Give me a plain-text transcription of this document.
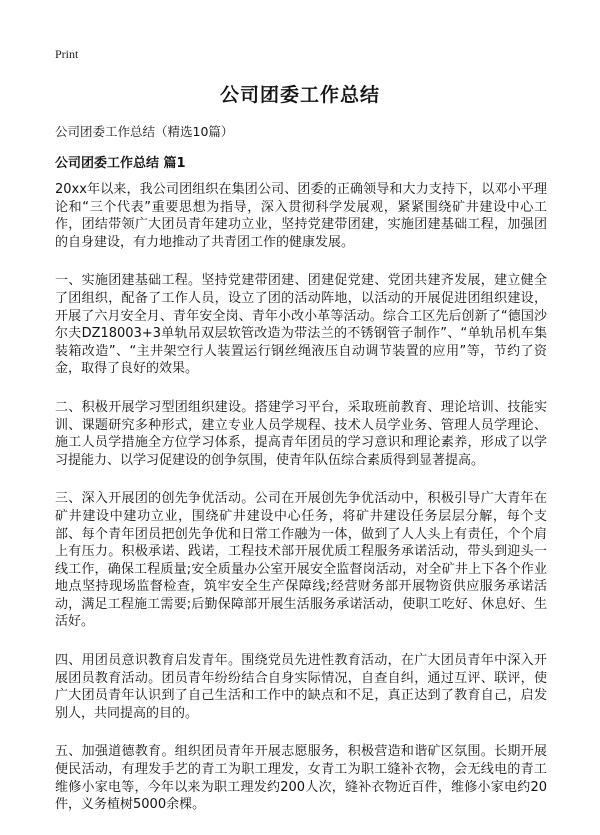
Print
公司团委工作总结
公司团委工作总结（精选10篇）
公司团委工作总结 篇1

20xx年以来，我公司团组织在集团公司、团委的正确领导和大力支持下，以邓小平理论和“三个代表”重要思想为指导，深入贯彻科学发展观，紧紧围绕矿井建设中心工作，团结带领广大团员青年建功立业，坚持党建带团建，实施团建基础工程，加强团的自身建设，有力地推动了共青团工作的健康发展。

一、实施团建基础工程。坚持党建带团建、团建促党建、党团共建齐发展，建立健全了团组织，配备了工作人员，设立了团的活动阵地，以活动的开展促进团组织建设，开展了六月安全月、青年安全岗、青年小改小革等活动。综合工区先后创新了“德国沙尔夫DZ18003+3单轨吊双层软管改造为带法兰的不锈钢管子制作”、“单轨吊机车集装箱改造”、“主井架空行人装置运行钢丝绳液压自动调节装置的应用”等，节约了资金，取得了良好的效果。

二、积极开展学习型团组织建设。搭建学习平台，采取班前教育、理论培训、技能实训、课题研究多种形式，建立专业人员学规程、技术人员学业务、管理人员学理论、施工人员学措施全方位学习体系，提高青年团员的学习意识和理论素养，形成了以学习提能力、以学习促建设的创争氛围，使青年队伍综合素质得到显著提高。

三、深入开展团的创先争优活动。公司在开展创先争优活动中，积极引导广大青年在矿井建设中建功立业，围绕矿井建设中心任务，将矿井建设任务层层分解，每个支部、每个青年团员把创先争优和日常工作融为一体，做到了人人头上有责任，个个肩上有压力。积极承诺、践诺，工程技术部开展优质工程服务承诺活动，带头到迎头一线工作，确保工程质量;安全质量办公室开展安全监督岗活动，对全矿井上下各个作业地点坚持现场监督检查，筑牢安全生产保障线;经营财务部开展物资供应服务承诺活动，满足工程施工需要;后勤保障部开展生活服务承诺活动，使职工吃好、休息好、生活好。

四、用团员意识教育启发青年。围绕党员先进性教育活动，在广大团员青年中深入开展团员教育活动。团员青年纷纷结合自身实际情况，自查自纠，通过互评、联评，使广大团员青年认识到了自己生活和工作中的缺点和不足，真正达到了教育自己，启发别人，共同提高的目的。

五、加强道德教育。组织团员青年开展志愿服务，积极营造和谐矿区氛围。长期开展便民活动，有理发手艺的青工为职工理发，女青工为职工缝补衣物，会无线电的青工维修小家电等，今年以来为职工理发约200人次，缝补衣物近百件，维修小家电约20件，义务植树5000余棵。
